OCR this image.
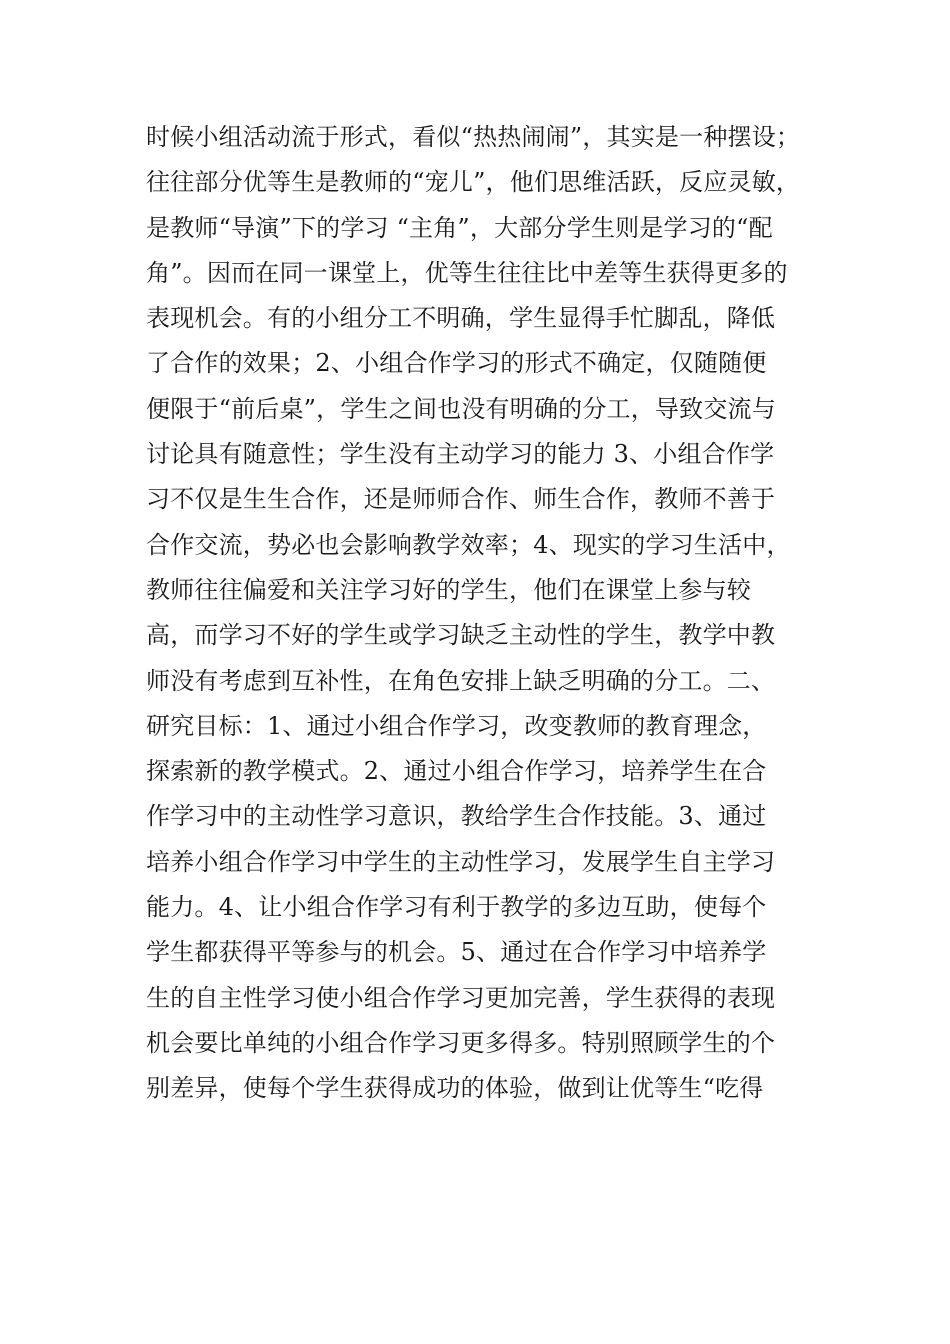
时候小组活动流于形式，看似“热热闹闹”，其实是一种摆设；
往往部分优等生是教师的“宠儿”，他们思维活跃，反应灵敏，
是教师“导演”下的学习 “主角”，大部分学生则是学习的“配
角”。因而在同一课堂上，优等生往往比中差等生获得更多的
表现机会。有的小组分工不明确，学生显得手忙脚乱，降低
了合作的效果；2、小组合作学习的形式不确定，仅随随便
便限于“前后桌”，学生之间也没有明确的分工，导致交流与
讨论具有随意性；学生没有主动学习的能力 3、小组合作学
习不仅是生生合作，还是师师合作、师生合作，教师不善于
合作交流，势必也会影响教学效率；4、现实的学习生活中，
教师往往偏爱和关注学习好的学生，他们在课堂上参与较
高，而学习不好的学生或学习缺乏主动性的学生，教学中教
师没有考虑到互补性，在角色安排上缺乏明确的分工。二、
研究目标：1、通过小组合作学习，改变教师的教育理念，
探索新的教学模式。2、通过小组合作学习，培养学生在合
作学习中的主动性学习意识，教给学生合作技能。3、通过
培养小组合作学习中学生的主动性学习，发展学生自主学习
能力。4、让小组合作学习有利于教学的多边互助，使每个
学生都获得平等参与的机会。5、通过在合作学习中培养学
生的自主性学习使小组合作学习更加完善，学生获得的表现
机会要比单纯的小组合作学习更多得多。特别照顾学生的个
别差异，使每个学生获得成功的体验，做到让优等生“吃得
